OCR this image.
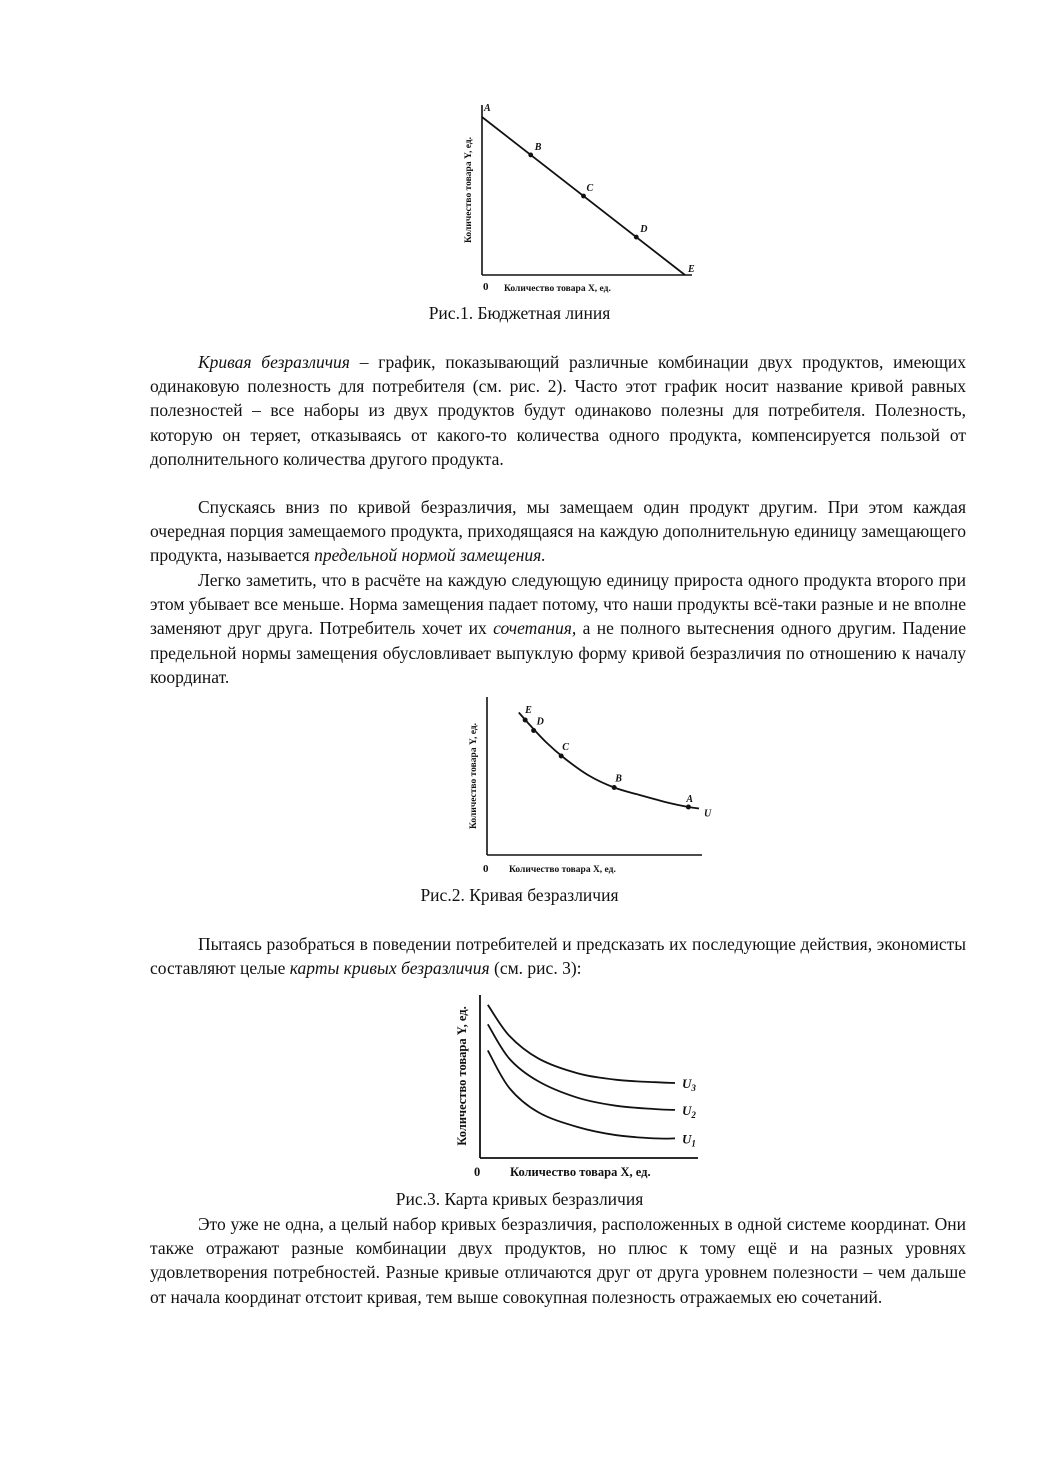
Количество товара Y, ед.
Количество товара X, ед.
0
A
B
C
D
E
Рис.1. Бюджетная линия

Кривая безразличия – график, показывающий различные комбинации двух продуктов, имеющих одинаковую полезность для потребителя (см. рис. 2). Часто этот график носит название кривой равных полезностей – все наборы из двух продуктов будут одинаково полезны для потребителя. Полезность, которую он теряет, отказываясь от какого-то количества одного продукта, компенсируется пользой от дополнительного количества другого продукта.

Спускаясь вниз по кривой безразличия, мы замещаем один продукт другим. При этом каждая очередная порция замещаемого продукта, приходящаяся на каждую дополнительную единицу замещающего продукта, называется предельной нормой замещения.

Легко заметить, что в расчёте на каждую следующую единицу прироста одного продукта второго при этом убывает все меньше. Норма замещения падает потому, что наши продукты всё-таки разные и не вполне заменяют друг друга. Потребитель хочет их сочетания, а не полного вытеснения одного другим. Падение предельной нормы замещения обусловливает выпуклую форму кривой безразличия по отношению к началу координат.

Количество товара Y, ед.
Количество товара X, ед.
0
E
D
C
B
A
U
Рис.2. Кривая безразличия

Пытаясь разобраться в поведении потребителей и предсказать их последующие действия, экономисты составляют целые карты кривых безразличия (см. рис. 3):

Количество товара Y, ед.
Количество товара X, ед.
0
$U_3$
$U_2$
$U_1$
Рис.3. Карта кривых безразличия

Это уже не одна, а целый набор кривых безразличия, расположенных в одной системе координат. Они также отражают разные комбинации двух продуктов, но плюс к тому ещё и на разных уровнях удовлетворения потребностей. Разные кривые отличаются друг от друга уровнем полезности – чем дальше от начала координат отстоит кривая, тем выше совокупная полезность отражаемых ею сочетаний.
